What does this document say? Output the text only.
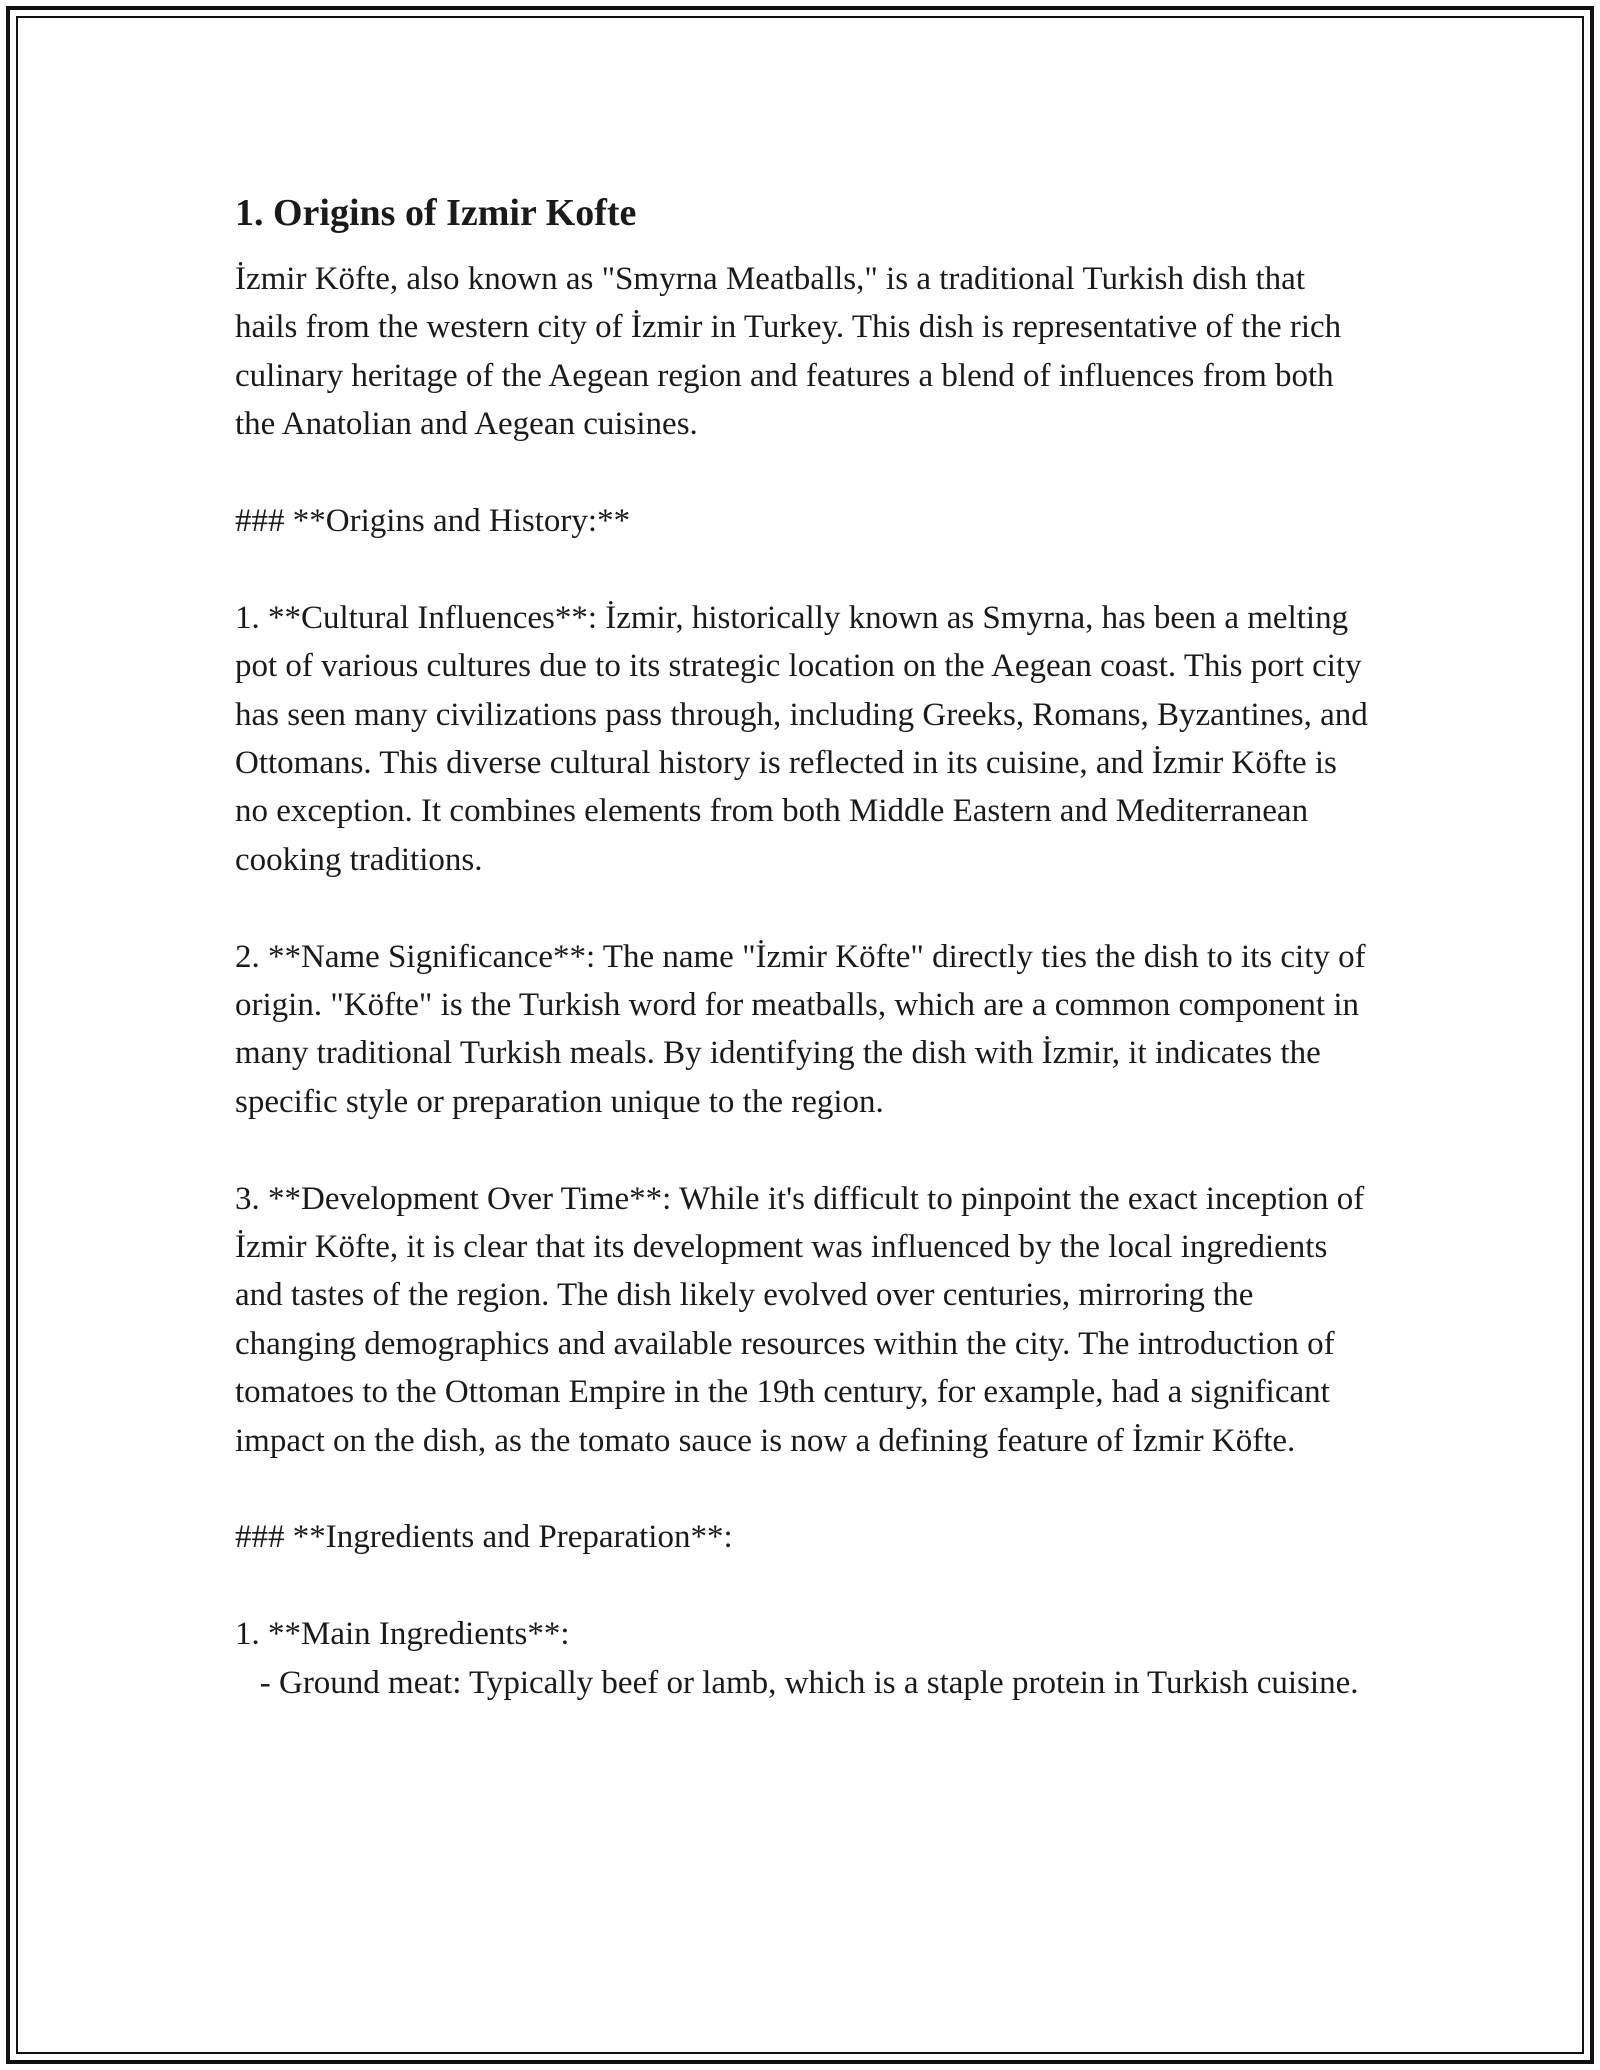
1. Origins of Izmir Kofte

İzmir Köfte, also known as "Smyrna Meatballs," is a traditional Turkish dish that hails from the western city of İzmir in Turkey. This dish is representative of the rich culinary heritage of the Aegean region and features a blend of influences from both the Anatolian and Aegean cuisines.

### **Origins and History:**

1. **Cultural Influences**: İzmir, historically known as Smyrna, has been a melting pot of various cultures due to its strategic location on the Aegean coast. This port city has seen many civilizations pass through, including Greeks, Romans, Byzantines, and Ottomans. This diverse cultural history is reflected in its cuisine, and İzmir Köfte is no exception. It combines elements from both Middle Eastern and Mediterranean cooking traditions.

2. **Name Significance**: The name "İzmir Köfte" directly ties the dish to its city of origin. "Köfte" is the Turkish word for meatballs, which are a common component in many traditional Turkish meals. By identifying the dish with İzmir, it indicates the specific style or preparation unique to the region.

3. **Development Over Time**: While it's difficult to pinpoint the exact inception of İzmir Köfte, it is clear that its development was influenced by the local ingredients and tastes of the region. The dish likely evolved over centuries, mirroring the changing demographics and available resources within the city. The introduction of tomatoes to the Ottoman Empire in the 19th century, for example, had a significant impact on the dish, as the tomato sauce is now a defining feature of İzmir Köfte.

### **Ingredients and Preparation**:

1. **Main Ingredients**:
- Ground meat: Typically beef or lamb, which is a staple protein in Turkish cuisine.
